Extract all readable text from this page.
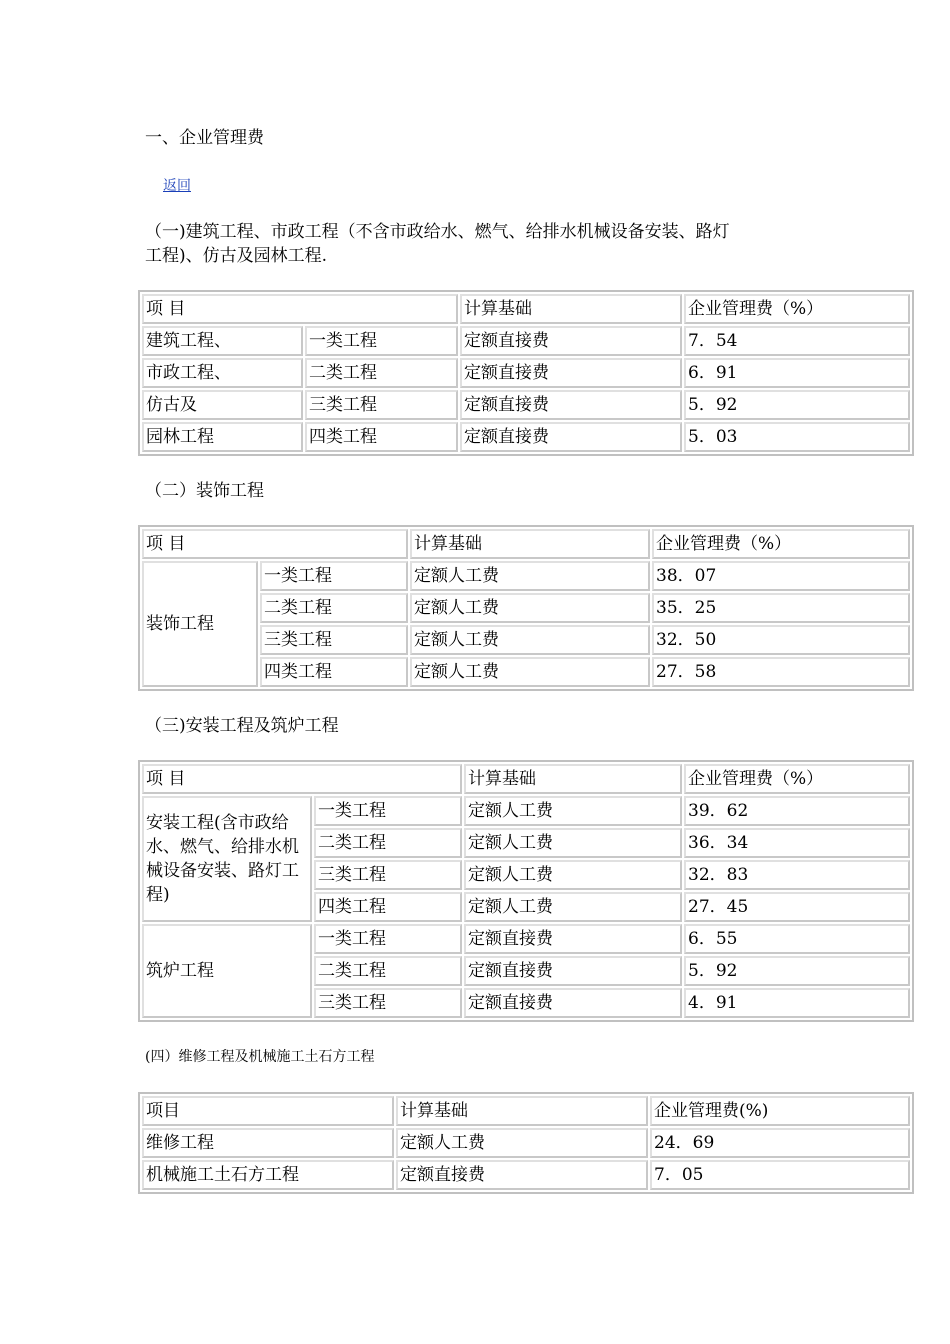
一、企业管理费
返回
（一)建筑工程、市政工程（不含市政给水、燃气、给排水机械设备安装、路灯
工程)、仿古及园林工程.
项 目		计算基础	企业管理费（%）
建筑工程、	一类工程	定额直接费	7．54
市政工程、	二类工程	定额直接费	6．91
仿古及	三类工程	定额直接费	5．92
园林工程	四类工程	定额直接费	5．03
（二）装饰工程
项 目		计算基础	企业管理费（%）
装饰工程	一类工程	定额人工费	38．07
	二类工程	定额人工费	35．25
	三类工程	定额人工费	32．50
	四类工程	定额人工费	27．58
（三)安装工程及筑炉工程
项 目		计算基础	企业管理费（%）
安装工程(含市政给水、燃气、给排水机械设备安装、路灯工程)	一类工程	定额人工费	39．62
	二类工程	定额人工费	36．34
	三类工程	定额人工费	32．83
	四类工程	定额人工费	27．45
筑炉工程	一类工程	定额直接费	6．55
	二类工程	定额直接费	5．92
	三类工程	定额直接费	4．91
(四）维修工程及机械施工土石方工程
项目	计算基础	企业管理费(%)
维修工程	定额人工费	24．69
机械施工土石方工程	定额直接费	7．05
